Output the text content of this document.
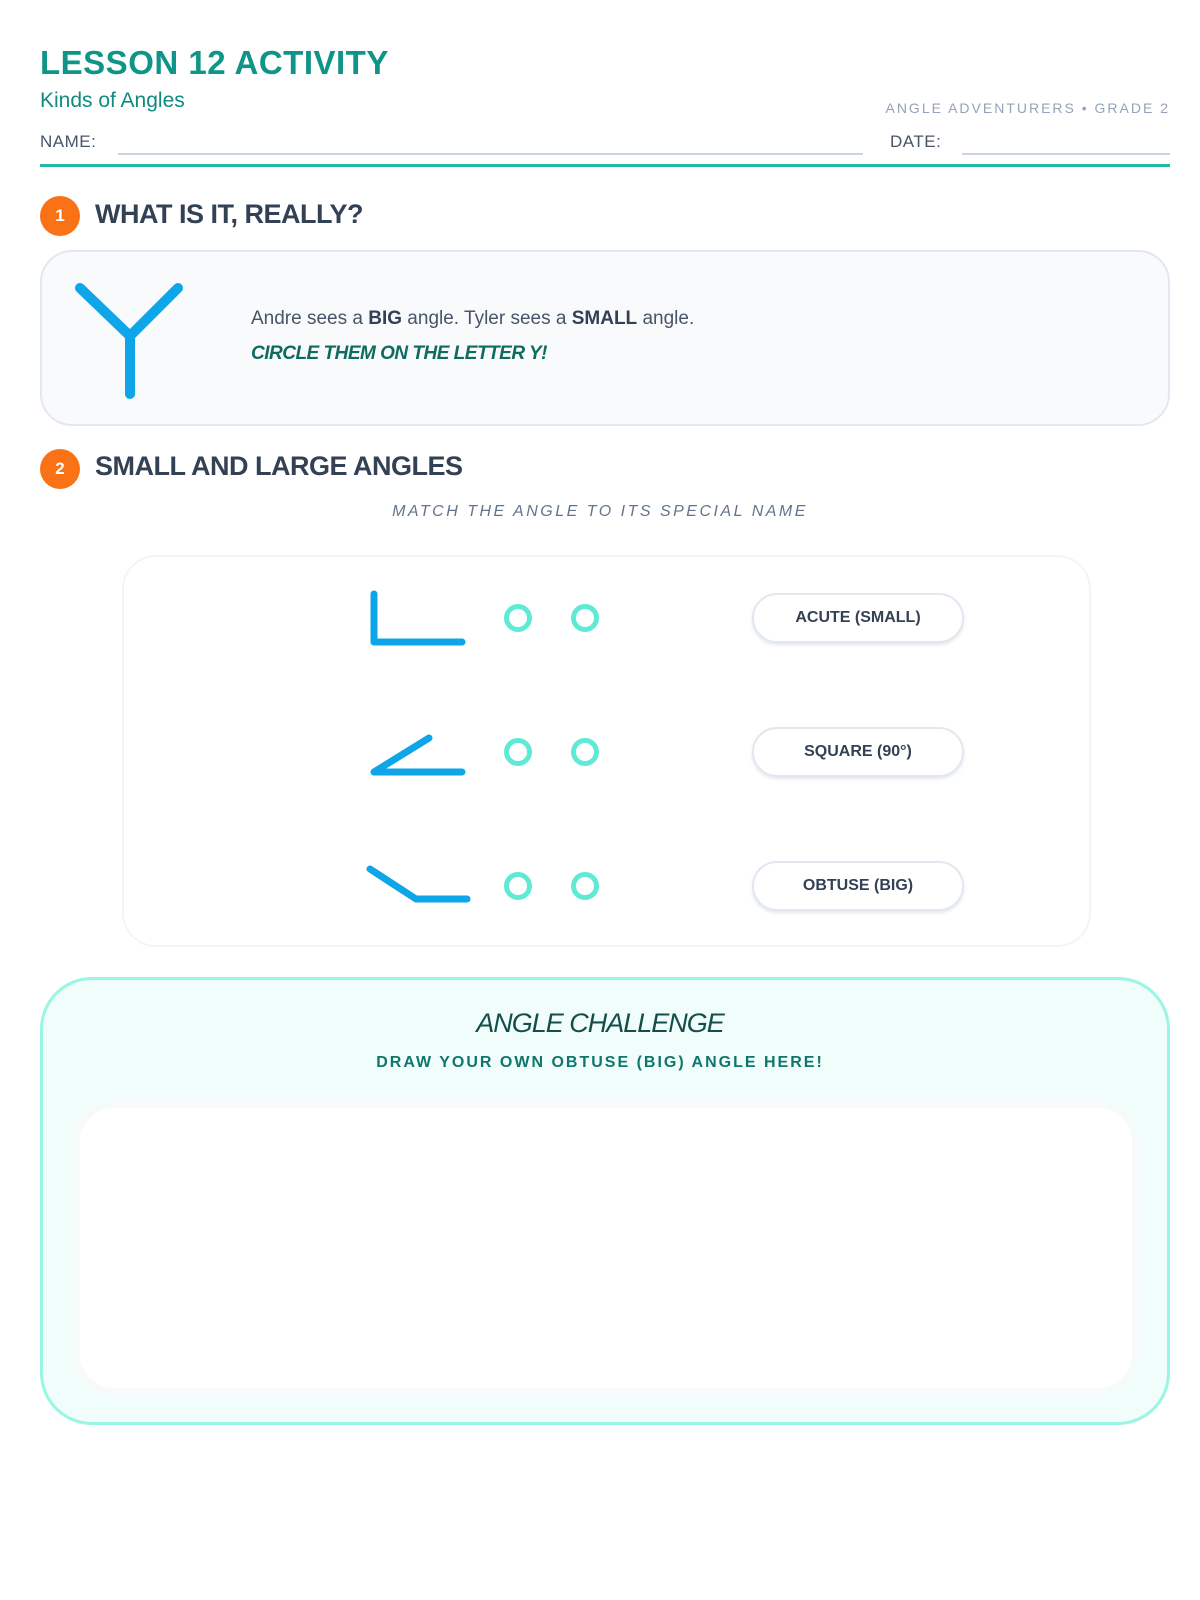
LESSON 12 ACTIVITY
Kinds of Angles	ANGLE ADVENTURERS • GRADE 2
NAME:	DATE:
1	WHAT IS IT, REALLY?
Andre sees a BIG angle. Tyler sees a SMALL angle.
CIRCLE THEM ON THE LETTER Y!
2	SMALL AND LARGE ANGLES
MATCH THE ANGLE TO ITS SPECIAL NAME
ACUTE (SMALL)
SQUARE (90°)
OBTUSE (BIG)
ANGLE CHALLENGE
DRAW YOUR OWN OBTUSE (BIG) ANGLE HERE!
